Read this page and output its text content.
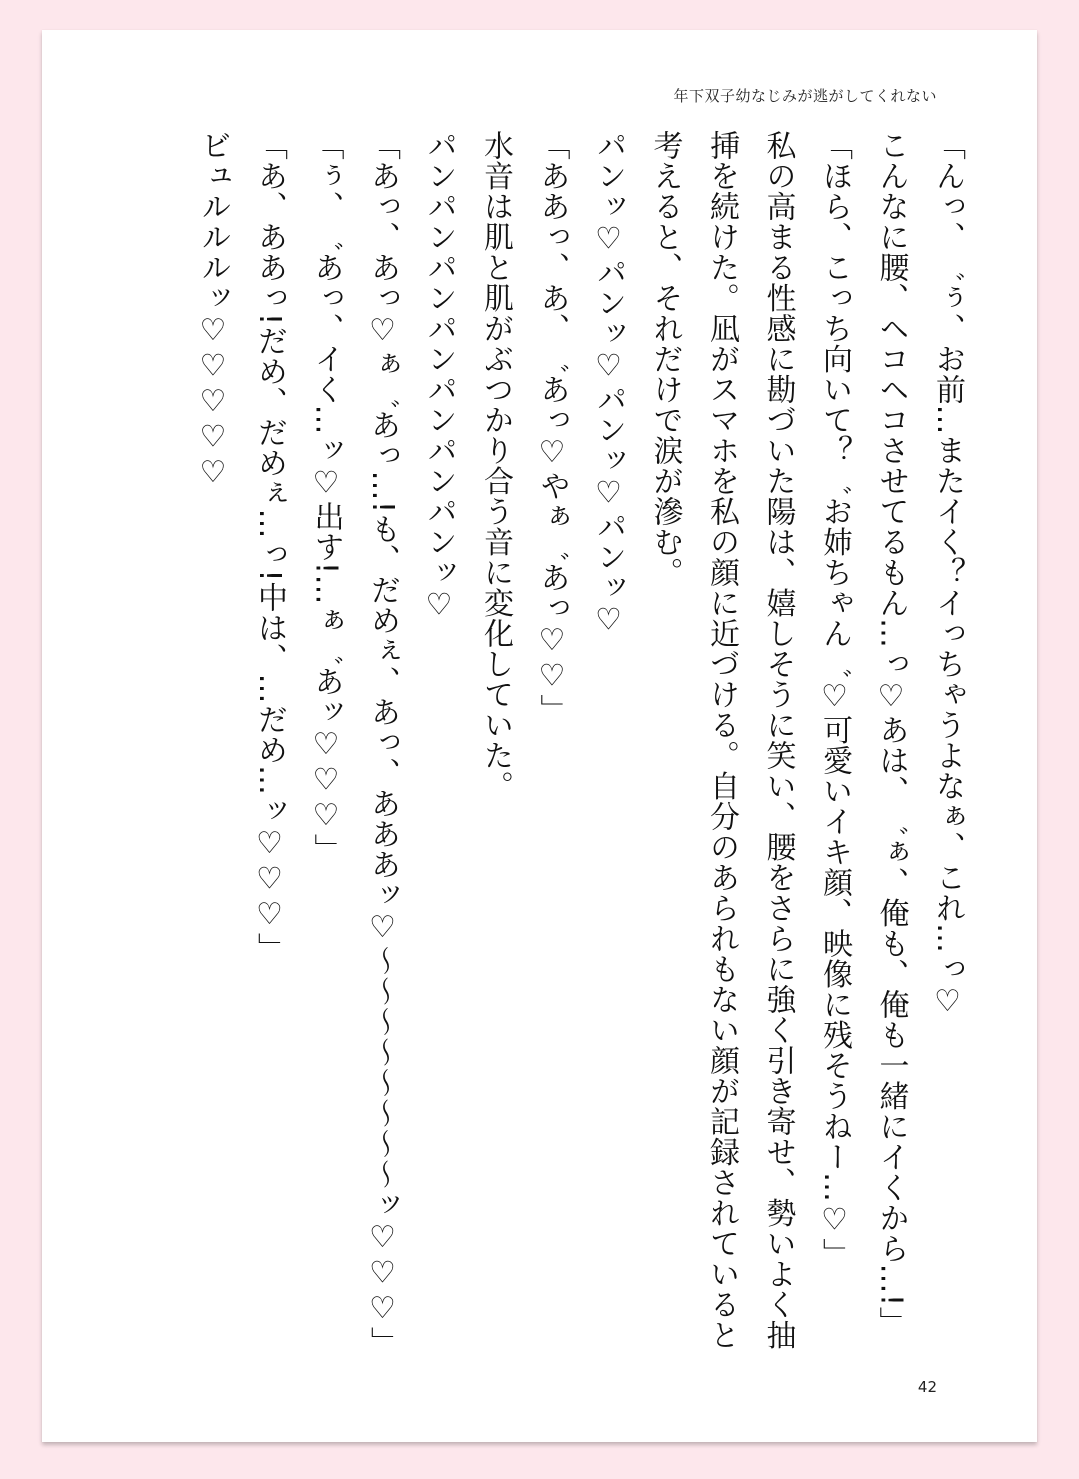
年下双子幼なじみが逃がしてくれない

「んっ、゛ぅ、お前…またイく？イっちゃうよなぁ、これ…っ♡

こんなに腰、ヘコヘコさせてるもん…っ♡あは、゛ぁ、俺も、俺も一緒にイくから…!」

「ほら、こっち向いて？゛お姉ちゃん゛♡可愛いイキ顔、映像に残そうねー…♡」

私の高まる性感に勘づいた陽は、嬉しそうに笑い、腰をさらに強く引き寄せ、勢いよく抽挿を続けた。凪がスマホを私の顔に近づける。自分のあられもない顔が記録されていると考えると、それだけで涙が滲む。

パンッ♡パンッ♡パンッ♡パンッ♡

「ああっ、あ、゛あっ♡やぁ゛あっ♡♡」

水音は肌と肌がぶつかり合う音に変化していた。

パンパンパンパンパンパンパンッ♡

「あっ、あっ♡ぁ゛あっ…!も、だめぇ、あっ、あああッ♡〜〜〜〜〜〜〜〜ッ♡♡♡」

「ぅ、゛あっ、イく…ッ♡出す!…ぁ゛あッ♡♡♡」

「あ、ああっ!だめ、だめぇ…っ!中は、…だめ…ッ♡♡♡」

ビュルルルッ♡♡♡♡♡

42
